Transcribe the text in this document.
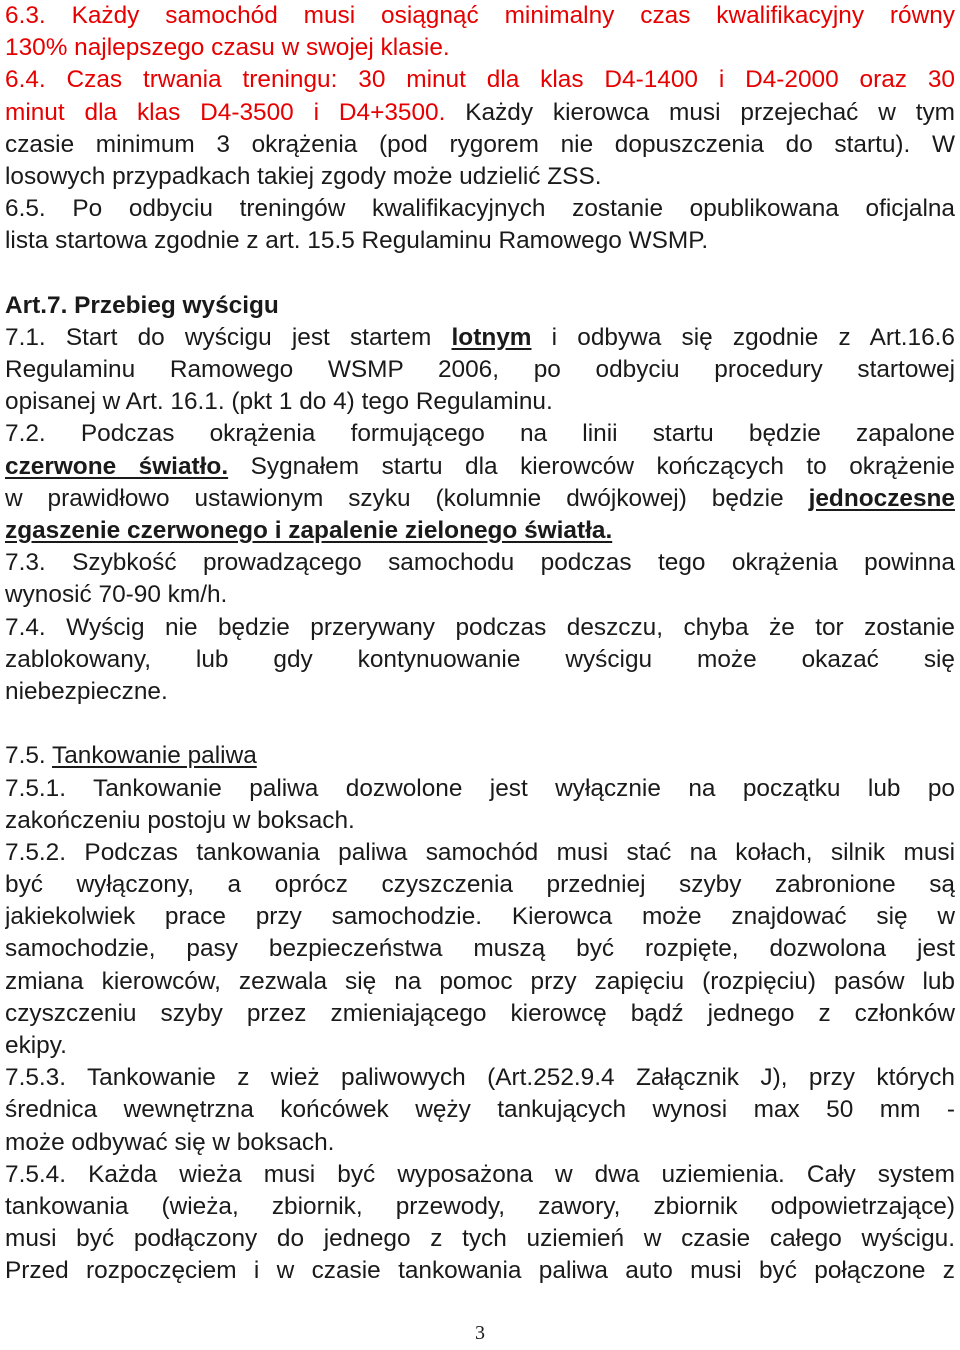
6.3. Każdy samochód musi osiągnąć minimalny czas kwalifikacyjny równy
130% najlepszego czasu w swojej klasie.
6.4. Czas trwania treningu: 30 minut dla klas D4-1400 i D4-2000 oraz 30
minut dla klas D4-3500 i D4+3500. Każdy kierowca musi przejechać w tym
czasie minimum 3 okrążenia (pod rygorem nie dopuszczenia do startu). W
losowych przypadkach takiej zgody może udzielić ZSS.
6.5. Po odbyciu treningów kwalifikacyjnych zostanie opublikowana oficjalna
lista startowa zgodnie z art. 15.5 Regulaminu Ramowego WSMP.
Art.7. Przebieg wyścigu
7.1. Start do wyścigu jest startem lotnym i odbywa się zgodnie z Art.16.6
Regulaminu Ramowego WSMP 2006, po odbyciu procedury startowej
opisanej w Art. 16.1. (pkt 1 do 4) tego Regulaminu.
7.2. Podczas okrążenia formującego na linii startu będzie zapalone
czerwone światło. Sygnałem startu dla kierowców kończących to okrążenie
w prawidłowo ustawionym szyku (kolumnie dwójkowej) będzie jednoczesne
zgaszenie czerwonego i zapalenie zielonego światła.
7.3. Szybkość prowadzącego samochodu podczas tego okrążenia powinna
wynosić 70-90 km/h.
7.4. Wyścig nie będzie przerywany podczas deszczu, chyba że tor zostanie
zablokowany, lub gdy kontynuowanie wyścigu może okazać się
niebezpieczne.
7.5. Tankowanie paliwa
7.5.1. Tankowanie paliwa dozwolone jest wyłącznie na początku lub po
zakończeniu postoju w boksach.
7.5.2. Podczas tankowania paliwa samochód musi stać na kołach, silnik musi
być wyłączony, a oprócz czyszczenia przedniej szyby zabronione są
jakiekolwiek prace przy samochodzie. Kierowca może znajdować się w
samochodzie, pasy bezpieczeństwa muszą być rozpięte, dozwolona jest
zmiana kierowców, zezwala się na pomoc przy zapięciu (rozpięciu) pasów lub
czyszczeniu szyby przez zmieniającego kierowcę bądź jednego z członków
ekipy.
7.5.3. Tankowanie z wież paliwowych (Art.252.9.4 Załącznik J), przy których
średnica wewnętrzna końcówek węży tankujących wynosi max 50 mm -
może odbywać się w boksach.
7.5.4. Każda wieża musi być wyposażona w dwa uziemienia. Cały system
tankowania (wieża, zbiornik, przewody, zawory, zbiornik odpowietrzające)
musi być podłączony do jednego z tych uziemień w czasie całego wyścigu.
Przed rozpoczęciem i w czasie tankowania paliwa auto musi być połączone z
3
